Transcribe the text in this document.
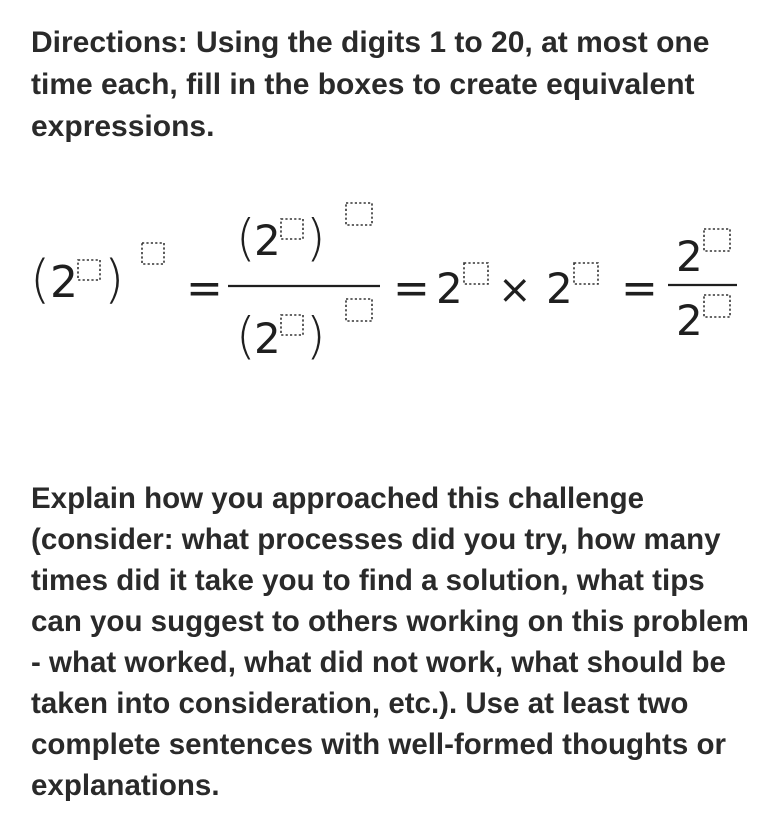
Directions: Using the digits 1 to 20, at most one time each, fill in the boxes to create equivalent expressions.

( 2 ) =
(
2 )
(
2 )
= 2 × 2 =
2
2

Explain how you approached this challenge (consider: what processes did you try, how many times did it take you to find a solution, what tips can you suggest to others working on this problem - what worked, what did not work, what should be taken into consideration, etc.). Use at least two complete sentences with well-formed thoughts or explanations.
